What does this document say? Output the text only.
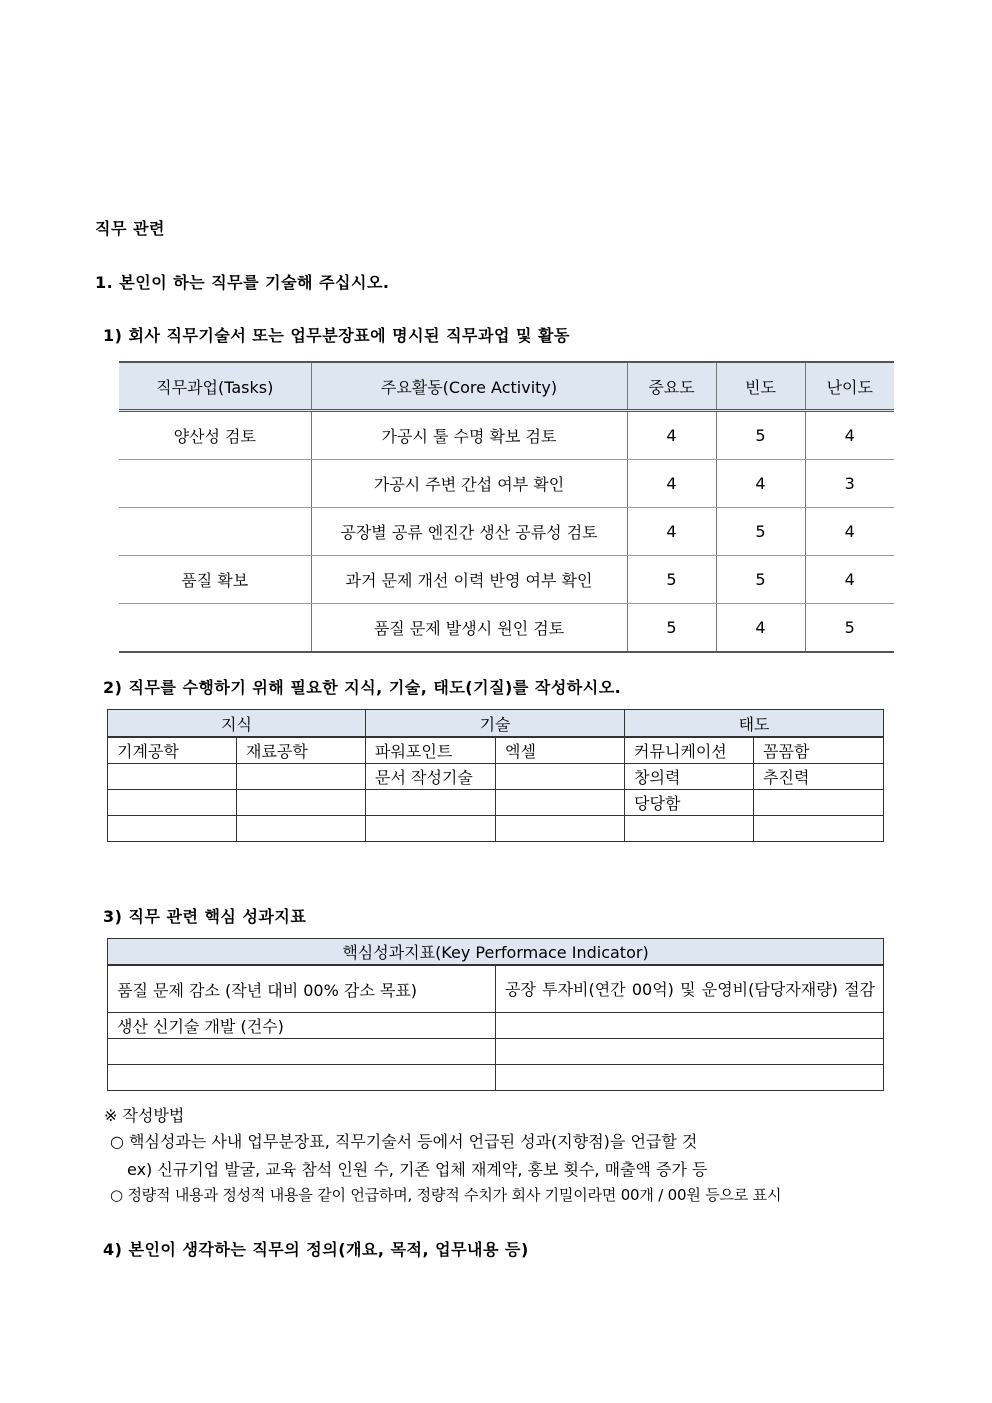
직무 관련
1. 본인이 하는 직무를 기술해 주십시오.
1) 회사 직무기술서 또는 업무분장표에 명시된 직무과업 및 활동
직무과업(Tasks)	주요활동(Core Activity)	중요도	빈도	난이도
양산성 검토	가공시 툴 수명 확보 검토	4	5	4
	가공시 주변 간섭 여부 확인	4	4	3
	공장별 공류 엔진간 생산 공류성 검토	4	5	4
품질 확보	과거 문제 개선 이력 반영 여부 확인	5	5	4
	품질 문제 발생시 원인 검토	5	4	5
2) 직무를 수행하기 위해 필요한 지식, 기술, 태도(기질)를 작성하시오.
지식		기술		태도	
기계공학	재료공학	파워포인트	엑셀	커뮤니케이션	꼼꼼함
		문서 작성기술		창의력	추진력
				당당함	

3) 직무 관련 핵심 성과지표
핵심성과지표(Key Performace Indicator)	
품질 문제 감소 (작년 대비 00% 감소 목표)	공장 투자비(연간 00억) 및 운영비(담당자재량) 절감
생산 신기술 개발 (건수)	

※ 작성방법
○ 핵심성과는 사내 업무분장표, 직무기술서 등에서 언급된 성과(지향점)을 언급할 것
ex) 신규기업 발굴, 교육 참석 인원 수, 기존 업체 재계약, 홍보 횟수, 매출액 증가 등
○ 정량적 내용과 정성적 내용을 같이 언급하며, 정량적 수치가 회사 기밀이라면 00개 / 00원 등으로 표시
4) 본인이 생각하는 직무의 정의(개요, 목적, 업무내용 등)
